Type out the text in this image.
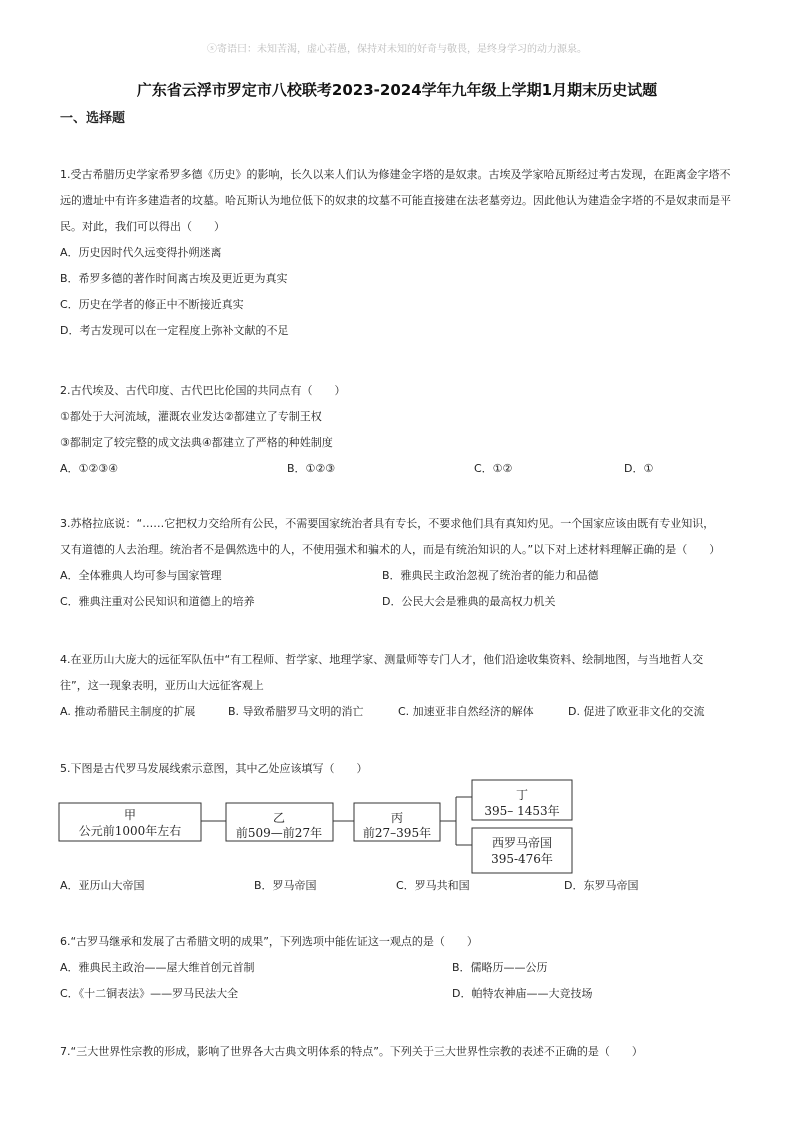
ⓢ寄语曰：未知苦渴，虚心若愚，保持对未知的好奇与敬畏，是终身学习的动力源泉。
广东省云浮市罗定市八校联考2023-2024学年九年级上学期1月期末历史试题
一、选择题

1.受古希腊历史学家希罗多德《历史》的影响，长久以来人们认为修建金字塔的是奴隶。古埃及学家哈瓦斯经过考古发现，在距离金字塔不

远的遗址中有许多建造者的坟墓。哈瓦斯认为地位低下的奴隶的坟墓不可能直接建在法老墓旁边。因此他认为建造金字塔的不是奴隶而是平

民。对此，我们可以得出（　　）

A．历史因时代久远变得扑朔迷离

B．希罗多德的著作时间离古埃及更近更为真实

C．历史在学者的修正中不断接近真实

D．考古发现可以在一定程度上弥补文献的不足

2.古代埃及、古代印度、古代巴比伦国的共同点有（　　）

①都处于大河流域，灌溉农业发达②都建立了专制王权

③都制定了较完整的成文法典④都建立了严格的种姓制度

A．①②③④	B．①②③	C．①②	D．①

3.苏格拉底说：“……它把权力交给所有公民，不需要国家统治者具有专长，不要求他们具有真知灼见。一个国家应该由既有专业知识，

又有道德的人去治理。统治者不是偶然选中的人，不使用强术和骗术的人，而是有统治知识的人。”以下对上述材料理解正确的是（　　）

A．全体雅典人均可参与国家管理	B．雅典民主政治忽视了统治者的能力和品德
C．雅典注重对公民知识和道德上的培养	D．公民大会是雅典的最高权力机关

4.在亚历山大庞大的远征军队伍中“有工程师、哲学家、地理学家、测量师等专门人才，他们沿途收集资料、绘制地图，与当地哲人交

往”，这一现象表明，亚历山大远征客观上

A. 推动希腊民主制度的扩展	B. 导致希腊罗马文明的消亡	C. 加速亚非自然经济的解体	D. 促进了欧亚非文化的交流

5.下图是古代罗马发展线索示意图，其中乙处应该填写（　　）

甲
公元前1000年左右
乙
前509—前27年
丙
前27–395年
丁
395– 1453年
西罗马帝国
395-476年
A．亚历山大帝国	B．罗马帝国	C．罗马共和国	D．东罗马帝国

6.“古罗马继承和发展了古希腊文明的成果”，下列选项中能佐证这一观点的是（　　）

A．雅典民主政治——屋大维首创元首制	B．儒略历——公历
C．《十二铜表法》——罗马民法大全	D．帕特农神庙——大竞技场

7.“三大世界性宗教的形成，影响了世界各大古典文明体系的特点”。下列关于三大世界性宗教的表述不正确的是（　　）
